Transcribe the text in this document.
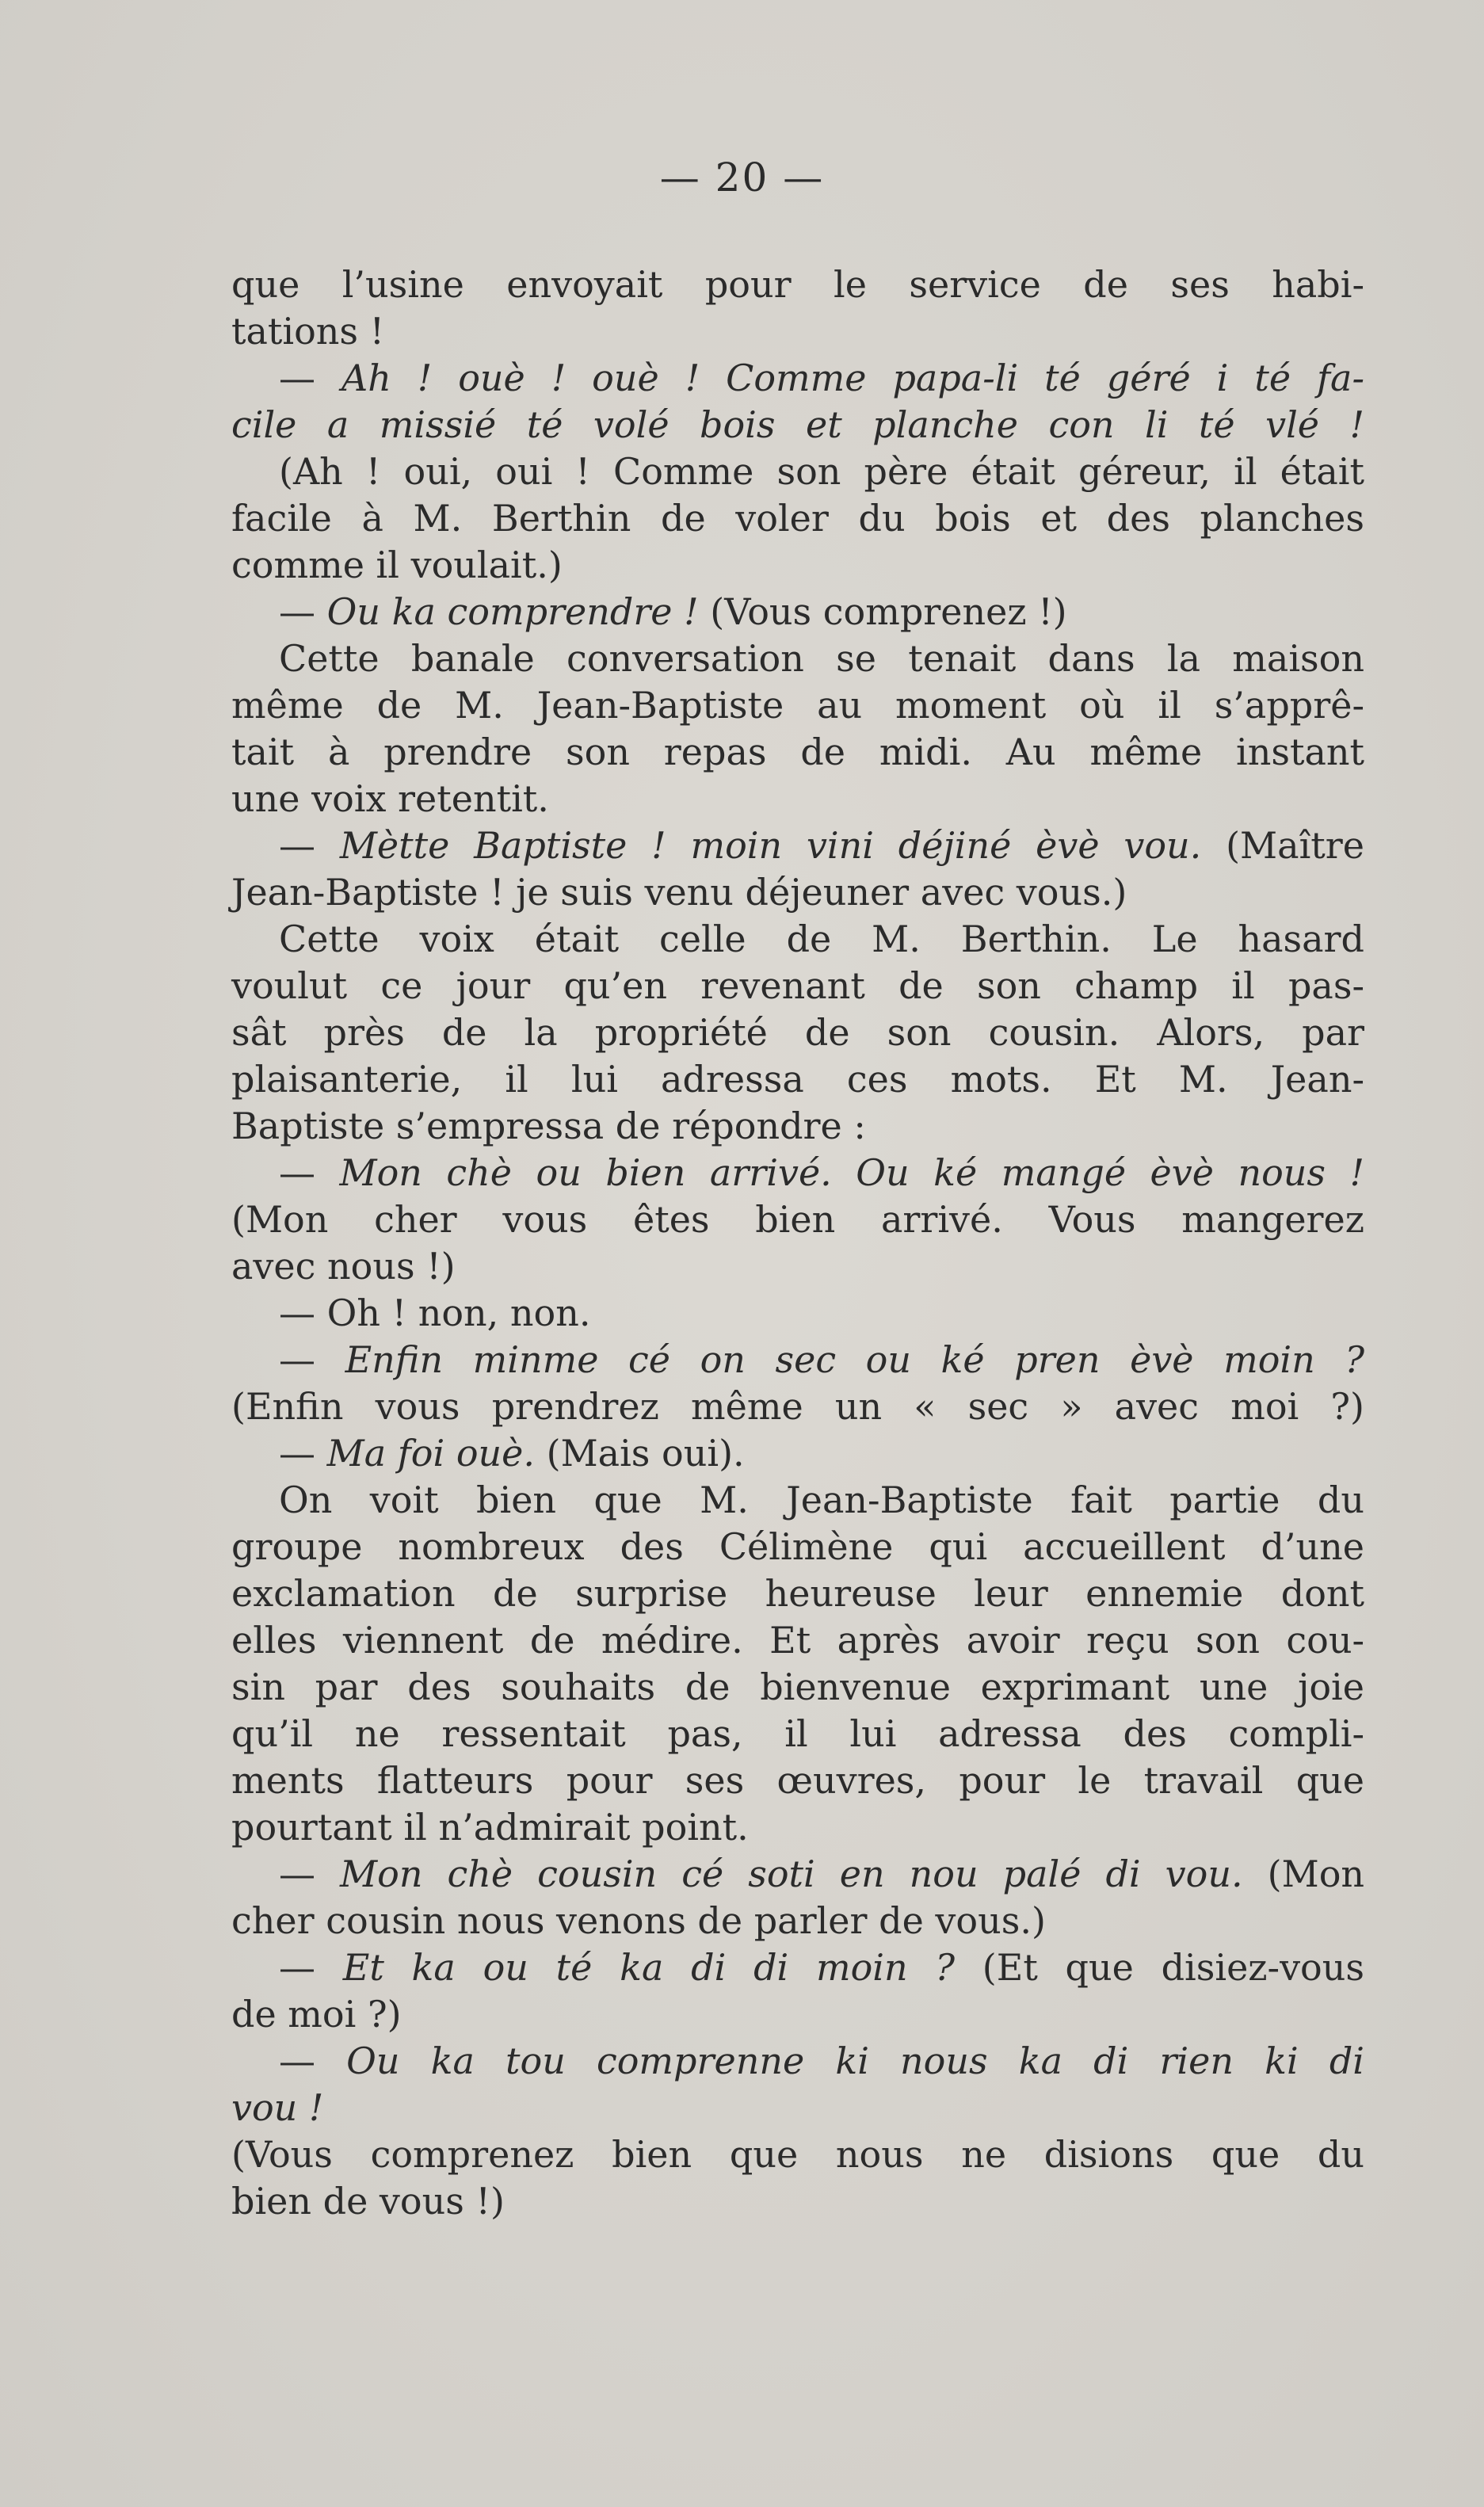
— 20 —
que l’usine envoyait pour le service de ses habi-
tations !
— Ah ! ouè ! ouè ! Comme papa-li té géré i té fa-
cile a missié té volé bois et planche con li té vlé !
(Ah ! oui, oui ! Comme son père était géreur, il était
facile à M. Berthin de voler du bois et des planches
comme il voulait.)
— Ou ka comprendre ! (Vous comprenez !)
Cette banale conversation se tenait dans la maison
même de M. Jean-Baptiste au moment où il s’apprê-
tait à prendre son repas de midi. Au même instant
une voix retentit.
— Mètte Baptiste ! moin vini déjiné èvè vou. (Maître
Jean-Baptiste ! je suis venu déjeuner avec vous.)
Cette voix était celle de M. Berthin. Le hasard
voulut ce jour qu’en revenant de son champ il pas-
sât près de la propriété de son cousin. Alors, par
plaisanterie, il lui adressa ces mots. Et M. Jean-
Baptiste s’empressa de répondre :
— Mon chè ou bien arrivé. Ou ké mangé èvè nous !
(Mon cher vous êtes bien arrivé. Vous mangerez
avec nous !)
— Oh ! non, non.
— Enfin minme cé on sec ou ké pren èvè moin ?
(Enfin vous prendrez même un « sec » avec moi ?)
— Ma foi ouè. (Mais oui).
On voit bien que M. Jean-Baptiste fait partie du
groupe nombreux des Célimène qui accueillent d’une
exclamation de surprise heureuse leur ennemie dont
elles viennent de médire. Et après avoir reçu son cou-
sin par des souhaits de bienvenue exprimant une joie
qu’il ne ressentait pas, il lui adressa des compli-
ments flatteurs pour ses œuvres, pour le travail que
pourtant il n’admirait point.
— Mon chè cousin cé soti en nou palé di vou. (Mon
cher cousin nous venons de parler de vous.)
— Et ka ou té ka di di moin ? (Et que disiez-vous
de moi ?)
— Ou ka tou comprenne ki nous ka di rien ki di
vou !
(Vous comprenez bien que nous ne disions que du
bien de vous !)
